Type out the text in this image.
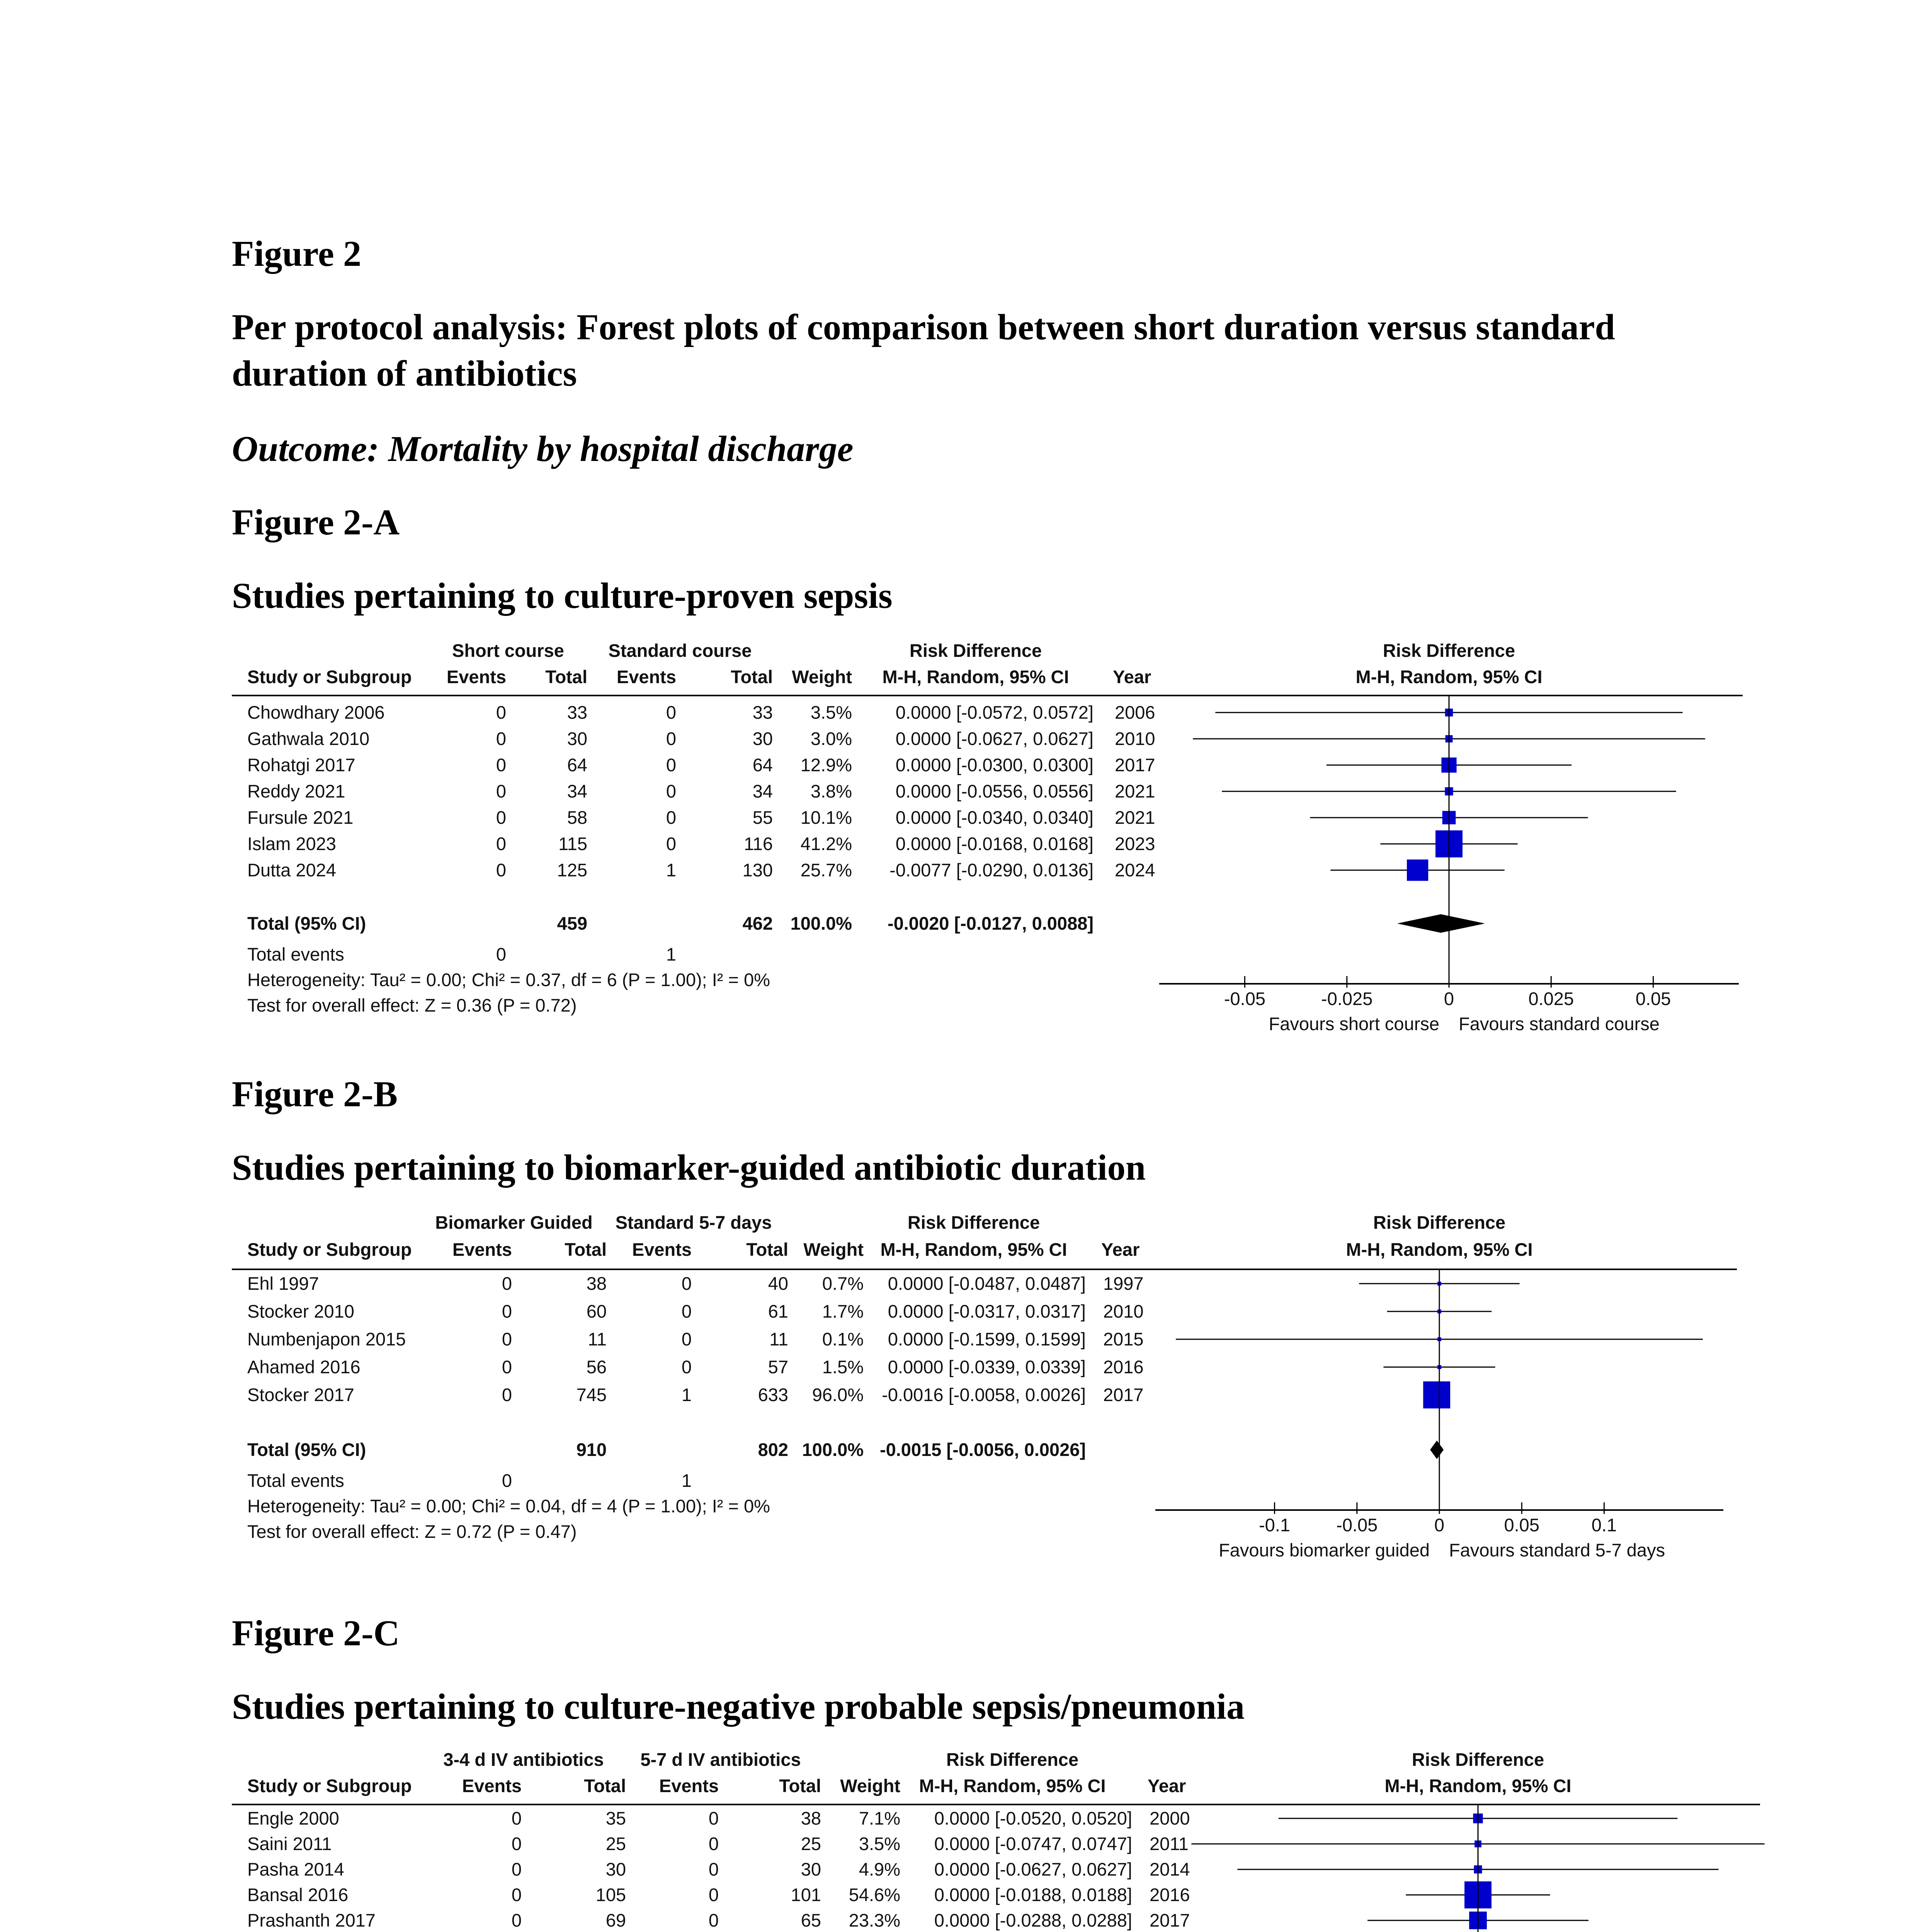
Figure 2
Per protocol analysis: Forest plots of comparison between short duration versus standard
duration of antibiotics
Outcome: Mortality by hospital discharge
Figure 2-A
Studies pertaining to culture-proven sepsis
Short course Standard course	Risk Difference	Risk Difference
Study or Subgroup Events Total Events	Total Weight M-H, Random, 95% CI	M-H, Random, 95% CI
Year
Chowdhary 2006	0	33	0	33 3.5% 0.0000 [-0.0572, 0.0572] 2006
Gathwala 2010	0	30	0	30 3.0% 0.0000 [-0.0627, 0.0627] 2010
Rohatgi 2017	0	64	0	64 12.9% 0.0000 [-0.0300, 0.0300] 2017
Reddy 2021	0	34	0	34 3.8% 0.0000 [-0.0556, 0.0556] 2021
Fursule 2021	0	58	0	55 10.1% 0.0000 [-0.0340, 0.0340] 2021
Islam 2023	0	115	0	116 41.2% 0.0000 [-0.0168, 0.0168] 2023
Dutta 2024	0	125	1	130 25.7% -0.0077 [-0.0290, 0.0136] 2024
Total (95% CI)	459	462 100.0% -0.0020 [-0.0127, 0.0088]
Total events	0	1
Heterogeneity: Tau² = 0.00; Chi² = 0.37, df = 6 (P = 1.00); I² = 0%
Test for overall effect: Z = 0.36 (P = 0.72)	-0.05	-0.025	0	0.025	0.05
Favours short course Favours standard course
Figure 2-B
Studies pertaining to biomarker-guided antibiotic duration
Biomarker Guided Standard 5-7 days	Risk Difference	Risk Difference
Study or Subgroup Events	Total Events	Total Weight M-H, Random, 95% CI	M-H, Random, 95% CI
Year
Ehl 1997	0	38	0	40 0.7% 0.0000 [-0.0487, 0.0487] 1997
Stocker 2010	0	60	0	61 1.7% 0.0000 [-0.0317, 0.0317] 2010
Numbenjapon 2015	0	11	0	11 0.1% 0.0000 [-0.1599, 0.1599] 2015
Ahamed 2016	0	56	0	57 1.5% 0.0000 [-0.0339, 0.0339] 2016
Stocker 2017	0	745	1	633 96.0% -0.0016 [-0.0058, 0.0026] 2017
Total (95% CI)	910	802 100.0% -0.0015 [-0.0056, 0.0026]
Total events	0	1
Heterogeneity: Tau² = 0.00; Chi² = 0.04, df = 4 (P = 1.00); I² = 0%
Test for overall effect: Z = 0.72 (P = 0.47)	-0.1	-0.05	0	0.05	0.1
Favours biomarker guided Favours standard 5-7 days
Figure 2-C
Studies pertaining to culture-negative probable sepsis/pneumonia
3-4 d IV antibiotics 5-7 d IV antibiotics	Risk Difference	Risk Difference
Study or Subgroup	Events	Total Events	Total Weight M-H, Random, 95% CI	M-H, Random, 95% CI
Year
Engle 2000	0	35	0	38 7.1% 0.0000 [-0.0520, 0.0520] 2000
Saini 2011	0	25	0	25 3.5% 0.0000 [-0.0747, 0.0747] 2011
Pasha 2014	0	30	0	30 4.9% 0.0000 [-0.0627, 0.0627] 2014
Bansal 2016	0	105	0	101 54.6% 0.0000 [-0.0188, 0.0188] 2016
Prashanth 2017	0	69	0	65 23.3% 0.0000 [-0.0288, 0.0288] 2017
